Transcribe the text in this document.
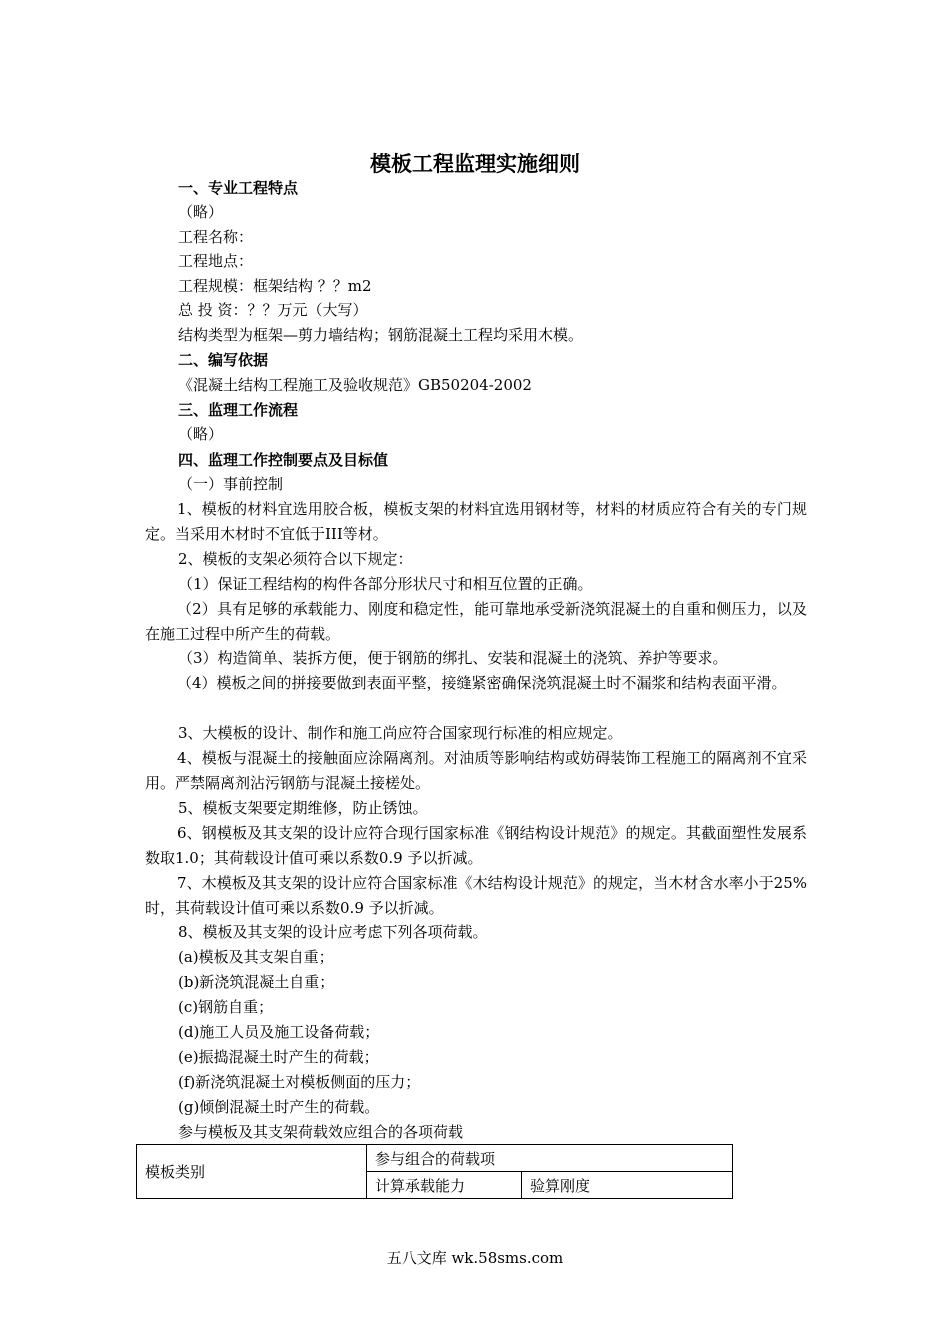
模板工程监理实施细则
一、专业工程特点
（略）
工程名称：
工程地点：
工程规模：框架结构 ？？m2
总 投 资：？？万元（大写）
结构类型为框架—剪力墙结构；钢筋混凝土工程均采用木模。
二、编写依据
《混凝土结构工程施工及验收规范》GB50204-2002
三、监理工作流程
（略）
四、监理工作控制要点及目标值
（一）事前控制
1、模板的材料宜选用胶合板，模板支架的材料宜选用钢材等，材料的材质应符合有关的专门规定。当采用木材时不宜低于III等材。
2、模板的支架必须符合以下规定：
（1）保证工程结构的构件各部分形状尺寸和相互位置的正确。
（2）具有足够的承载能力、刚度和稳定性，能可靠地承受新浇筑混凝土的自重和侧压力，以及在施工过程中所产生的荷载。
（3）构造简单、装拆方便，便于钢筋的绑扎、安装和混凝土的浇筑、养护等要求。
（4）模板之间的拼接要做到表面平整，接缝紧密确保浇筑混凝土时不漏浆和结构表面平滑。
3、大模板的设计、制作和施工尚应符合国家现行标准的相应规定。
4、模板与混凝土的接触面应涂隔离剂。对油质等影响结构或妨碍装饰工程施工的隔离剂不宜采用。严禁隔离剂沾污钢筋与混凝土接槎处。
5、模板支架要定期维修，防止锈蚀。
6、钢模板及其支架的设计应符合现行国家标准《钢结构设计规范》的规定。其截面塑性发展系数取1.0；其荷载设计值可乘以系数0.9 予以折减。
7、木模板及其支架的设计应符合国家标准《木结构设计规范》的规定，当木材含水率小于25%时，其荷载设计值可乘以系数0.9 予以折减。
8、模板及其支架的设计应考虑下列各项荷载。
(a)模板及其支架自重；
(b)新浇筑混凝土自重；
(c)钢筋自重；
(d)施工人员及施工设备荷载；
(e)振捣混凝土时产生的荷载；
(f)新浇筑混凝土对模板侧面的压力；
(g)倾倒混凝土时产生的荷载。
参与模板及其支架荷载效应组合的各项荷载
模板类别	参与组合的荷载项	
	计算承载能力	验算刚度
五八文库 wk.58sms.com
